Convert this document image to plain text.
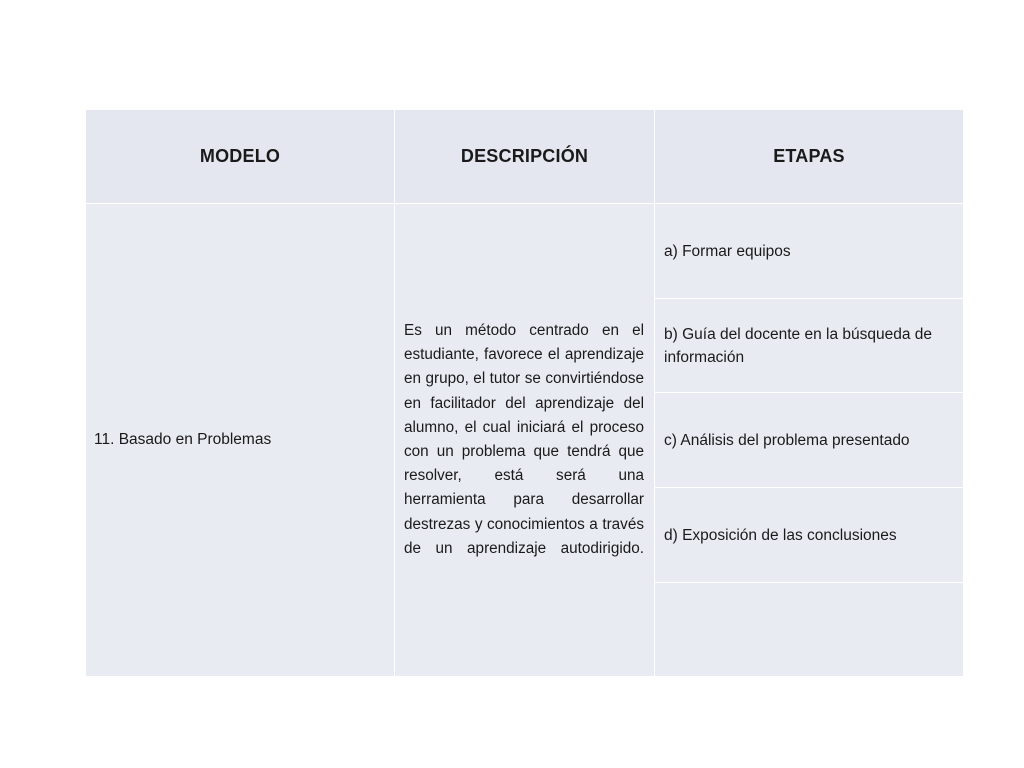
MODELO	DESCRIPCIÓN	ETAPAS
11. Basado en Problemas
Es un método centrado en el estudiante, favorece el aprendizaje en grupo, el tutor se convirtiéndose en facilitador del aprendizaje del alumno, el cual iniciará el proceso con un problema que tendrá que resolver, está será una herramienta para desarrollar destrezas y conocimientos a través de un aprendizaje autodirigido.
a) Formar equipos
b) Guía del docente en la búsqueda de información
c) Análisis del problema presentado
d) Exposición de las conclusiones
